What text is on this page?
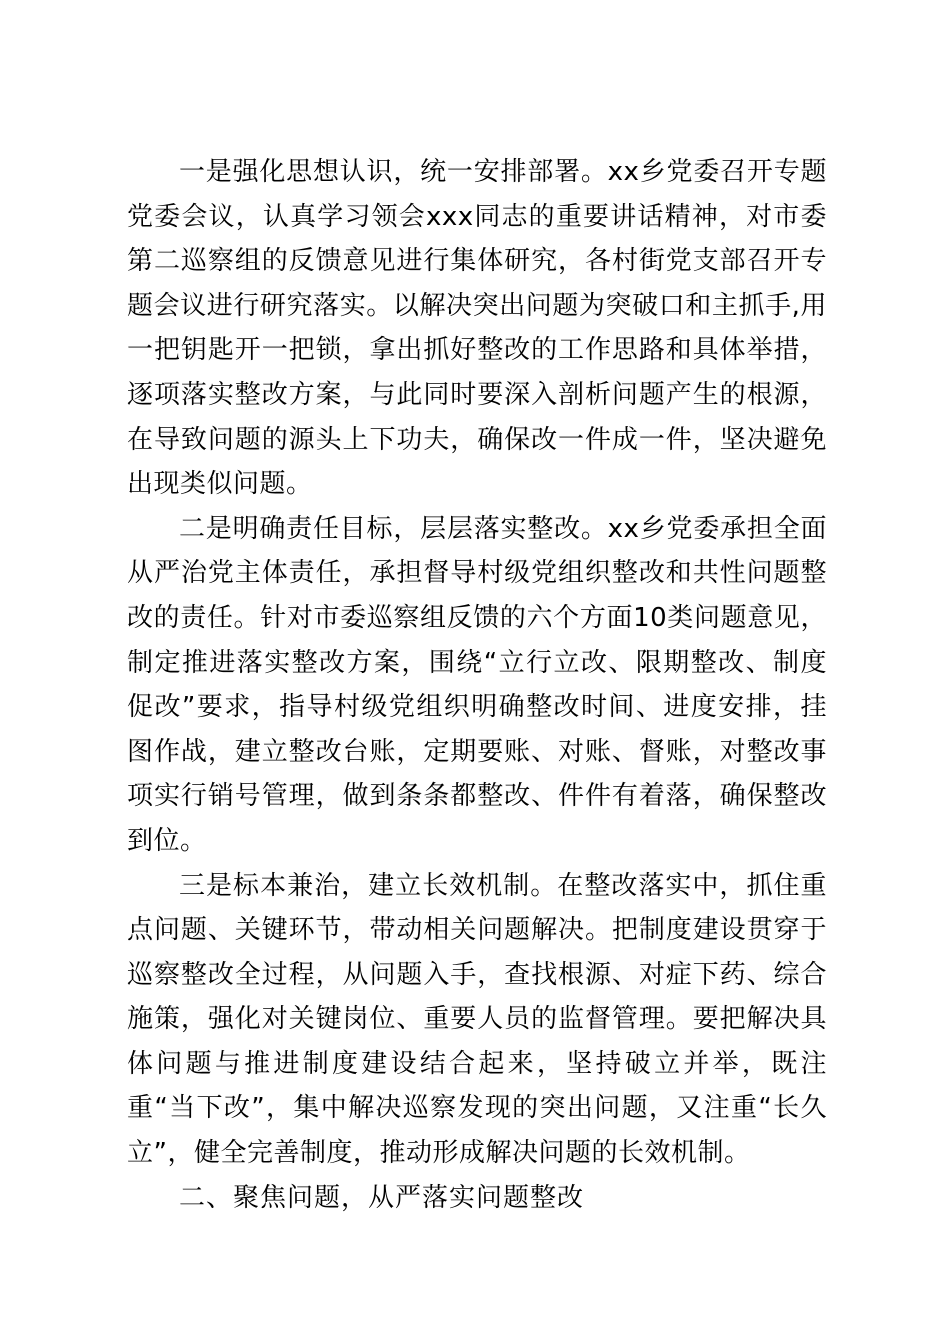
一是强化思想认识，统一安排部署。xx乡党委召开专题党委会议，认真学习领会xxx同志的重要讲话精神，对市委第二巡察组的反馈意见进行集体研究，各村街党支部召开专题会议进行研究落实。以解决突出问题为突破口和主抓手,用一把钥匙开一把锁，拿出抓好整改的工作思路和具体举措，逐项落实整改方案，与此同时要深入剖析问题产生的根源，在导致问题的源头上下功夫，确保改一件成一件，坚决避免出现类似问题。

二是明确责任目标，层层落实整改。xx乡党委承担全面从严治党主体责任，承担督导村级党组织整改和共性问题整改的责任。针对市委巡察组反馈的六个方面10类问题意见，制定推进落实整改方案，围绕“立行立改、限期整改、制度促改”要求，指导村级党组织明确整改时间、进度安排，挂图作战，建立整改台账，定期要账、对账、督账，对整改事项实行销号管理，做到条条都整改、件件有着落，确保整改到位。

三是标本兼治，建立长效机制。在整改落实中，抓住重点问题、关键环节，带动相关问题解决。把制度建设贯穿于巡察整改全过程，从问题入手，查找根源、对症下药、综合施策，强化对关键岗位、重要人员的监督管理。要把解决具体问题与推进制度建设结合起来，坚持破立并举，既注重“当下改”，集中解决巡察发现的突出问题，又注重“长久立”，健全完善制度，推动形成解决问题的长效机制。

二、聚焦问题，从严落实问题整改
